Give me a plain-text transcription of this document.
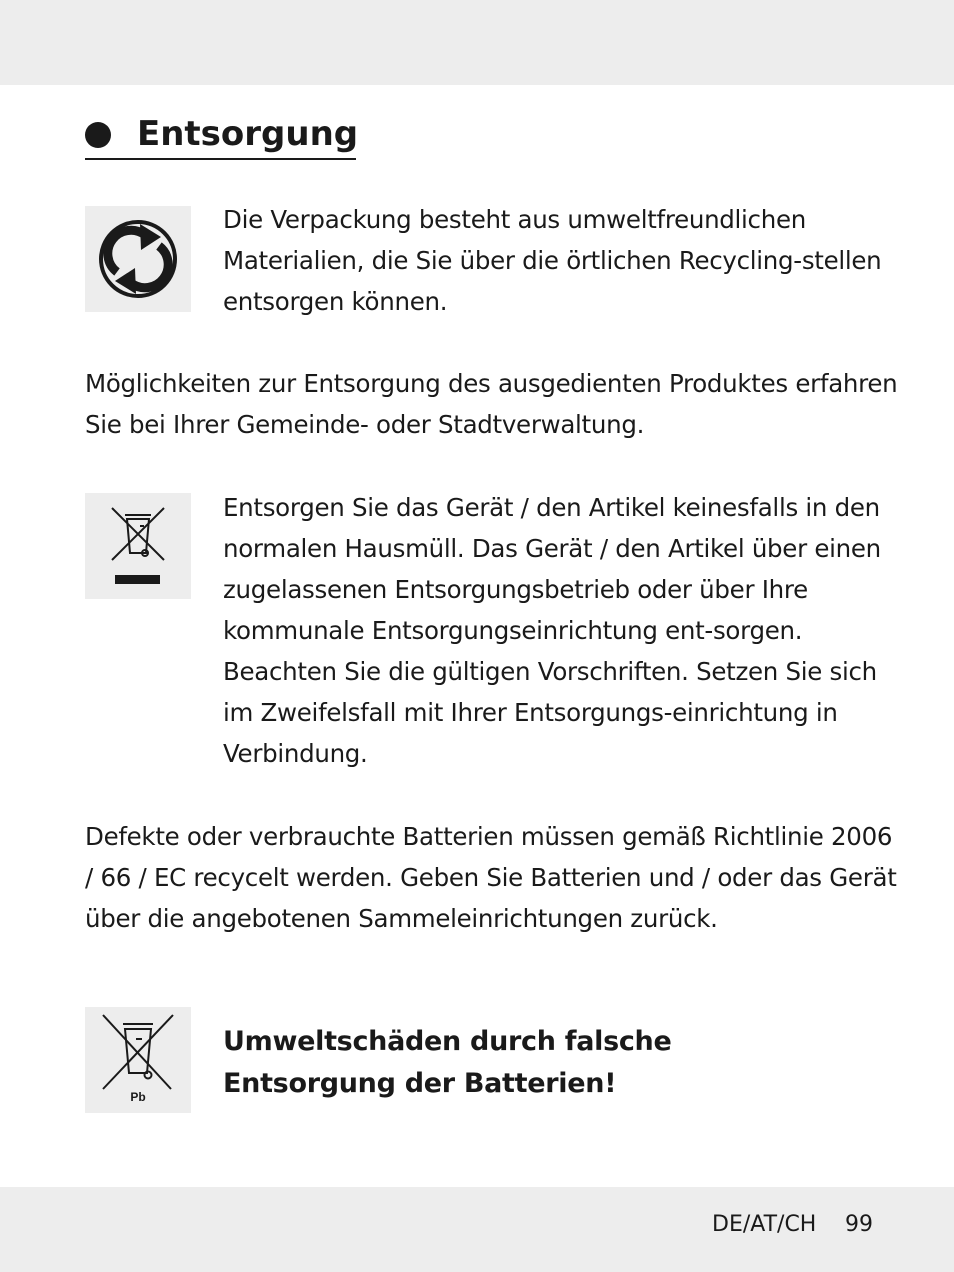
Entsorgung

Die Verpackung besteht aus umweltfreundlichen Materialien, die Sie über die örtlichen Recycling-stellen entsorgen können.

Möglichkeiten zur Entsorgung des ausgedienten Produktes erfahren Sie bei Ihrer Gemeinde- oder Stadtverwaltung.

Entsorgen Sie das Gerät / den Artikel keinesfalls in den normalen Hausmüll. Das Gerät / den Artikel über einen zugelassenen Entsorgungsbetrieb oder über Ihre kommunale Entsorgungseinrichtung ent-sorgen. Beachten Sie die gültigen Vorschriften. Setzen Sie sich im Zweifelsfall mit Ihrer Entsorgungs-einrichtung in Verbindung.

Defekte oder verbrauchte Batterien müssen gemäß Richtlinie 2006 / 66 / EC recycelt werden. Geben Sie Batterien und / oder das Gerät über die angebotenen Sammeleinrichtungen zurück.

Pb

Umweltschäden durch falsche Entsorgung der Batterien!

DE/AT/CH 99
